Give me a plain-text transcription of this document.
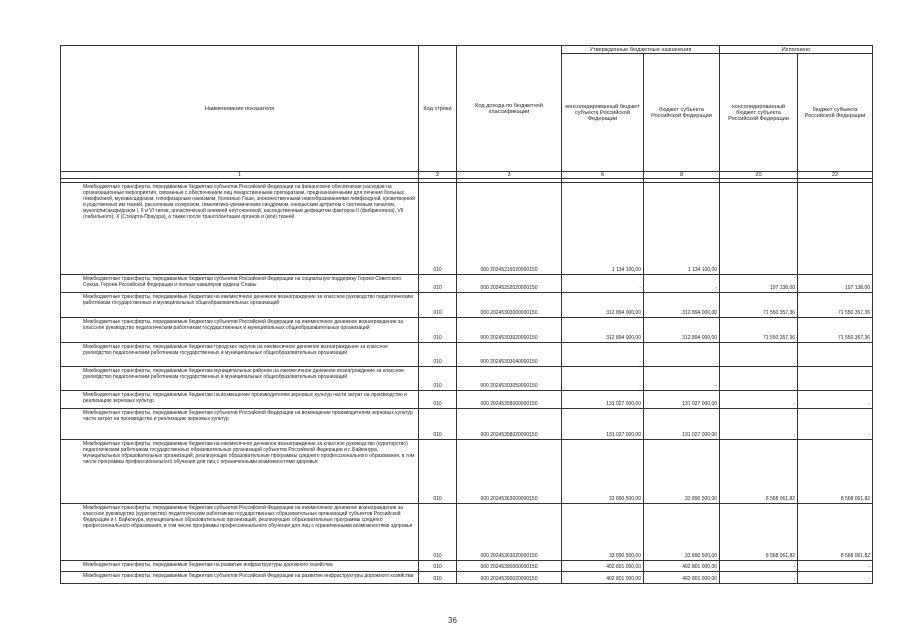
Наименование показателя	Код строки	Код дохода по бюджетной классификации	Утвержденные бюджетные назначения		Исполнено	
			консолидированный бюджет субъекта Российской Федерации	бюджет субъекта Российской Федерации	консолидированный бюджет субъекта Российской Федерации	бюджет субъекта Российской Федерации
1	2	3	6	8	20	22

Межбюджетные трансферты, передаваемые бюджетам субъектов Российской Федерации на финансовое обеспечение расходов на организационные мероприятия, связанные с обеспечением лиц лекарственными препаратами, предназначенными для лечения больных гемофилией, муковисцидозом, гипофизарным нанизмом, болезнью Гоше, злокачественными новообразованиями лимфоидной, кроветворной и родственных им тканей, рассеянным склерозом, гемолитико-уремическим синдромом, юношеским артритом с системным началом, мукополисахаридозом I, II и VI типов, апластической анемией неуточненной, наследственным дефицитом факторов II (фибриногена), VII (лабильного), X (Стюарта-Прауэра), а также после трансплантации органов и (или) тканей	010	000 20245216020000150	1 134 100,00	1 134 100,00		
Межбюджетные трансферты, передаваемые бюджетам субъектов Российской Федерации на социальную поддержку Героев Советского Союза, Героев Российской Федерации и полных кавалеров ордена Славы	010	000 20245252020000150	-	-	197 138,00	197 138,00
Межбюджетные трансферты, передаваемые бюджетам на ежемесячное денежное вознаграждение за классное руководство педагогическим работникам государственных и муниципальных общеобразовательных организаций	010	000 20245303000000150	312 894 000,00	312 894 000,00	71 550 357,36	71 550 357,36
Межбюджетные трансферты, передаваемые бюджетам субъектов Российской Федерации на ежемесячное денежное вознаграждение за классное руководство педагогическим работникам государственных и муниципальных общеобразовательных организаций	010	000 20245303020000150	312 894 000,00	312 894 000,00	71 550 357,36	71 550 357,36
Межбюджетные трансферты, передаваемые бюджетам городских округов на ежемесячное денежное вознаграждение за классное руководство педагогическим работникам государственных и муниципальных общеобразовательных организаций	010	000 20245303040000150	-			
Межбюджетные трансферты, передаваемые бюджетам муниципальных районов на ежемесячное денежное вознаграждение за классное руководство педагогическим работникам государственных и муниципальных общеобразовательных организаций	010	000 20245303050000150	-	-		
Межбюджетные трансферты, передаваемые бюджетам на возмещение производителям зерновых культур части затрат на производство и реализацию зерновых культур	010	000 20245358000000150	131 027 000,00	131 027 000,00	-	-
Межбюджетные трансферты, передаваемые бюджетам субъектов Российской Федерации на возмещение производителям зерновых культур части затрат на производство и реализацию зерновых культур	010	000 20245358020000150	131 027 000,00	131 027 000,00	-	-
Межбюджетные трансферты, передаваемые бюджетам на ежемесячное денежное вознаграждение за классное руководство (кураторство) педагогическим работникам государственных образовательных организаций субъектов Российской Федерации и г. Байконура, муниципальных образовательных организаций, реализующих образовательные программы среднего профессионального образования, в том числе программы профессионального обучения для лиц с ограниченными возможностями здоровья	010	000 20245363000000150	33 890 500,00	33 890 500,00	8 568 061,82	8 568 061,82
Межбюджетные трансферты, передаваемые бюджетам субъектов Российской Федерации на ежемесячное денежное вознаграждение за классное руководство (кураторство) педагогическим работникам государственных образовательных организаций субъектов Российской Федерации и г. Байконура, муниципальных образовательных организаций, реализующих образовательные программы среднего профессионального образования, в том числе программы профессионального обучения для лиц с ограниченными возможностями здоровья	010	000 20245363020000150	33 890 500,00	33 890 500,00	8 568 061,82	8 568 061,82
Межбюджетные трансферты, передаваемые бюджетам на развитие инфраструктуры дорожного хозяйства	010	000 20245390000000150	402 801 000,00	402 801 000,00	-	-
Межбюджетные трансферты, передаваемые бюджетам субъектов Российской Федерации на развитие инфраструктуры дорожного хозяйства	010	000 20245390020000150	402 801 000,00	402 801 000,00	-	-
36
